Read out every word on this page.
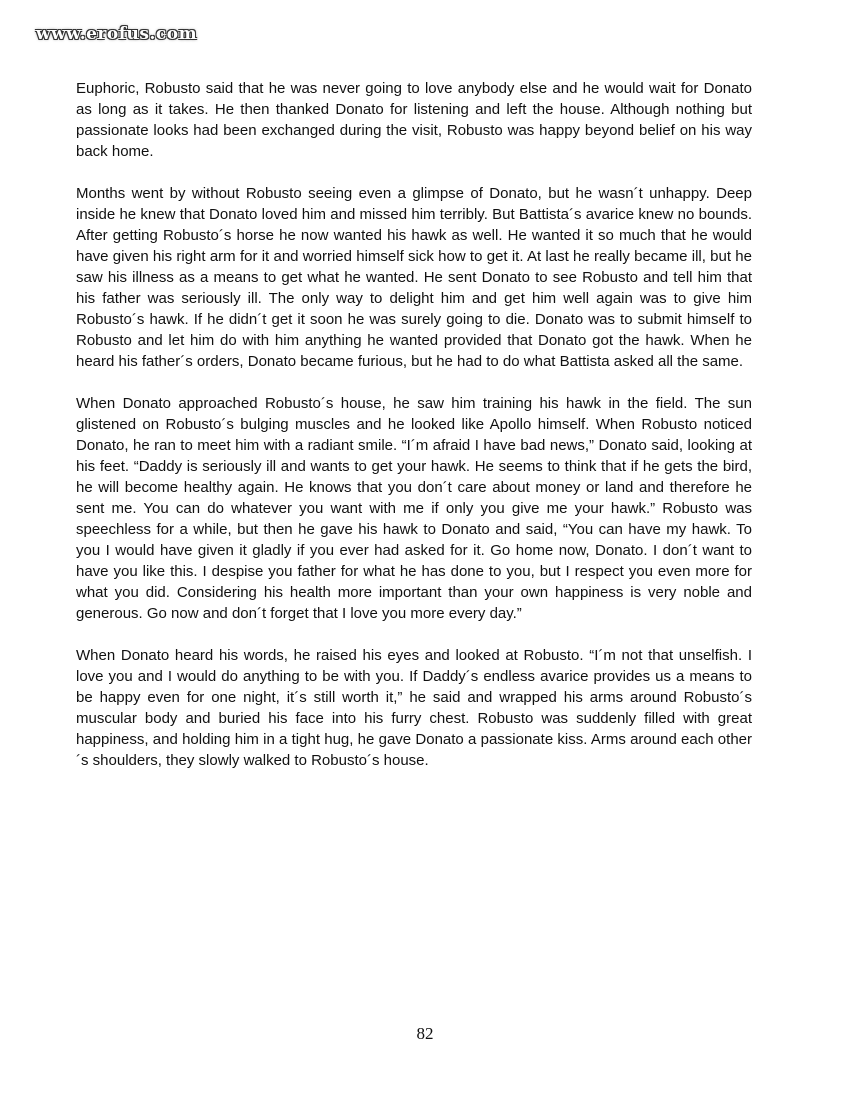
www.erofus.com

Euphoric, Robusto said that he was never going to love anybody else and he would wait for Donato as long as it takes. He then thanked Donato for listening and left the house. Although nothing but passionate looks had been exchanged during the visit, Robusto was happy beyond belief on his way back home.

Months went by without Robusto seeing even a glimpse of Donato, but he wasn´t unhappy. Deep inside he knew that Donato loved him and missed him terribly. But Battista´s avarice knew no bounds. After getting Robusto´s horse he now wanted his hawk as well. He wanted it so much that he would have given his right arm for it and worried himself sick how to get it. At last he really became ill, but he saw his illness as a means to get what he wanted. He sent Donato to see Robusto and tell him that his father was seriously ill. The only way to delight him and get him well again was to give him Robusto´s hawk. If he didn´t get it soon he was surely going to die. Donato was to submit himself to Robusto and let him do with him anything he wanted provided that Donato got the hawk. When he heard his father´s orders, Donato became furious, but he had to do what Battista asked all the same.

When Donato approached Robusto´s house, he saw him training his hawk in the field. The sun glistened on Robusto´s bulging muscles and he looked like Apollo himself. When Robusto noticed Donato, he ran to meet him with a radiant smile. “I´m afraid I have bad news,” Donato said, looking at his feet. “Daddy is seriously ill and wants to get your hawk. He seems to think that if he gets the bird, he will become healthy again. He knows that you don´t care about money or land and therefore he sent me. You can do whatever you want with me if only you give me your hawk.” Robusto was speechless for a while, but then he gave his hawk to Donato and said, “You can have my hawk. To you I would have given it gladly if you ever had asked for it. Go home now, Donato. I don´t want to have you like this. I despise you father for what he has done to you, but I respect you even more for what you did. Considering his health more important than your own happiness is very noble and generous. Go now and don´t forget that I love you more every day.”

When Donato heard his words, he raised his eyes and looked at Robusto. “I´m not that unselfish. I love you and I would do anything to be with you. If Daddy´s endless avarice provides us a means to be happy even for one night, it´s still worth it,” he said and wrapped his arms around Robusto´s muscular body and buried his face into his furry chest. Robusto was suddenly filled with great happiness, and holding him in a tight hug, he gave Donato a passionate kiss. Arms around each other´s shoulders, they slowly walked to Robusto´s house.

82
